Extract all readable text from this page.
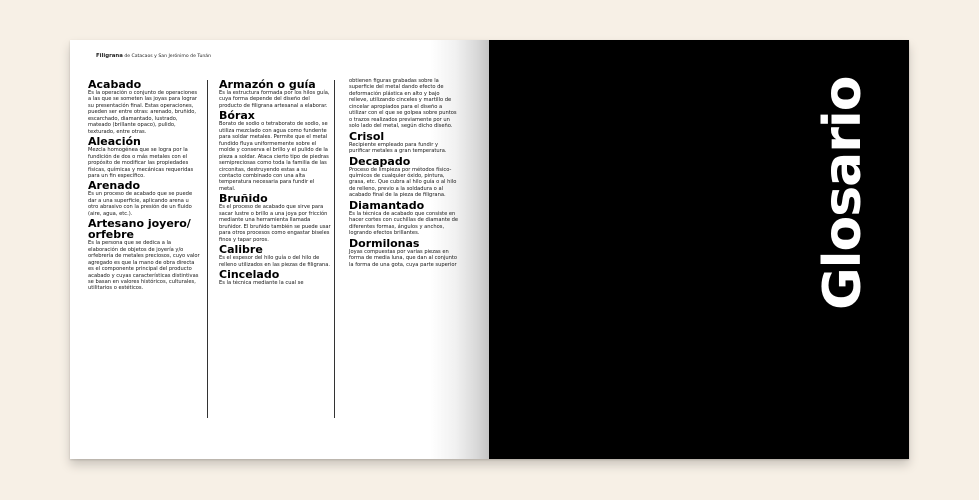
Filigrana de Catacaos y San Jerónimo de Tunán
Acabado

Es la operación o conjunto de operaciones a las que se someten las joyas para lograr su presentación final. Estas operaciones, pueden ser entre otras: arenado, bruñido, escarchado, diamantado, lustrado, mateado (brillante opaco), pulido, texturado, entre otras.

Aleación

Mezcla homogénea que se logra por la fundición de dos o más metales con el propósito de modificar las propiedades físicas, químicas y mecánicas requeridas para un fin específico.

Arenado

Es un proceso de acabado que se puede dar a una superficie, aplicando arena u otro abrasivo con la presión de un fluido (aire, agua, etc.).

Artesano joyero/ orfebre

Es la persona que se dedica a la elaboración de objetos de joyería y/o orfebrería de metales preciosos, cuyo valor agregado es que la mano de obra directa es el componente principal del producto acabado y cuyas características distintivas se basan en valores históricos, culturales, utilitarios o estéticos.

Armazón o guía

Es la estructura formada por los hilos guía, cuya forma depende del diseño del producto de filigrana artesanal a elaborar.

Bórax

Borato de sodio o tetraborato de sodio, se utiliza mezclado con agua como fundente para soldar metales. Permite que el metal fundido fluya uniformemente sobre el molde y conserva el brillo y el pulido de la pieza a soldar. Ataca cierto tipo de piedras semipreciosas como toda la familia de las circonitas, destruyendo estas a su contacto combinado con una alta temperatura necesaria para fundir el metal.

Bruñido

Es el proceso de acabado que sirve para sacar lustre o brillo a una joya por fricción mediante una herramienta llamada bruñidor. El bruñido también se puede usar para otros procesos como engastar biseles finos y tapar poros.

Calibre

Es el espesor del hilo guía o del hilo de relleno utilizados en las piezas de filigrana.

Cincelado

Es la técnica mediante la cual se

obtienen figuras grabadas sobre la superficie del metal dando efecto de deformación plástica en alto y bajo relieve, utilizando cinceles y martillo de cincelar apropiados para el diseño a utilizar con el que se golpea sobre puntos o trazos realizados previamente por un solo lado del metal, según dicho diseño.

Crisol

Recipiente empleado para fundir y purificar metales a gran temperatura.

Decapado

Proceso de limpieza por métodos físico-químicos de cualquier óxido, pintura, grasa, etc. Que cubra al hilo guía o al hilo de relleno, previo a la soldadura o al acabado final de la pieza de filigrana.

Diamantado

Es la técnica de acabado que consiste en hacer cortes con cuchillas de diamante de diferentes formas, ángulos y anchos, logrando efectos brillantes.

Dormilonas

Joyas compuestas por varias piezas en forma de media luna, que dan al conjunto la forma de una gota, cuya parte superior	Glosario
